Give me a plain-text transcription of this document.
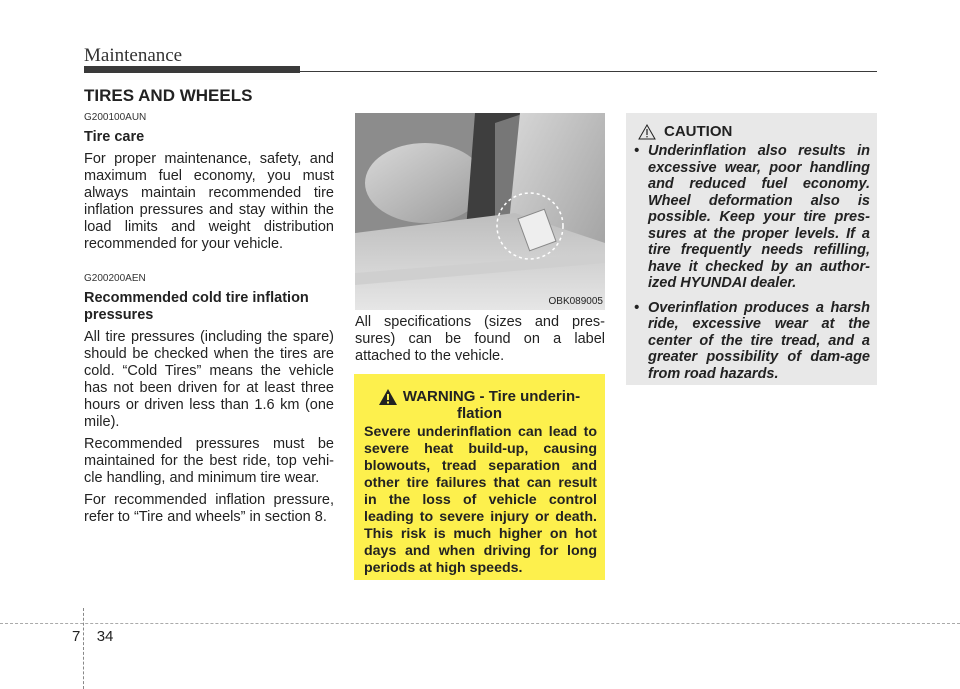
Maintenance
TIRES AND WHEELS
G200100AUN
Tire care
For proper maintenance, safety, and maximum fuel economy, you must always maintain recommended tire inflation pressures and stay within the load limits and weight distribution recommended for your vehicle.
G200200AEN
Recommended cold tire inflation pressures
All tire pressures (including the spare) should be checked when the tires are cold. “Cold Tires” means the vehicle has not been driven for at least three hours or driven less than 1.6 km (one mile).
Recommended pressures must be maintained for the best ride, top vehi-cle handling, and minimum tire wear.
For recommended inflation pressure, refer to “Tire and wheels” in section 8.
OBK089005
All specifications (sizes and pres-sures) can be found on a label attached to the vehicle.
WARNING - Tire underin-
flation
Severe underinflation can lead to severe heat build-up, causing blowouts, tread separation and other tire failures that can result in the loss of vehicle control leading to severe injury or death. This risk is much higher on hot days and when driving for long periods at high speeds.
CAUTION
• Underinflation also results in excessive wear, poor handling and reduced fuel economy. Wheel deformation also is possible. Keep your tire pres-sures at the proper levels. If a tire frequently needs refilling, have it checked by an author-ized HYUNDAI dealer.
• Overinflation produces a harsh ride, excessive wear at the center of the tire tread, and a greater possibility of dam-age from road hazards.
7 34
